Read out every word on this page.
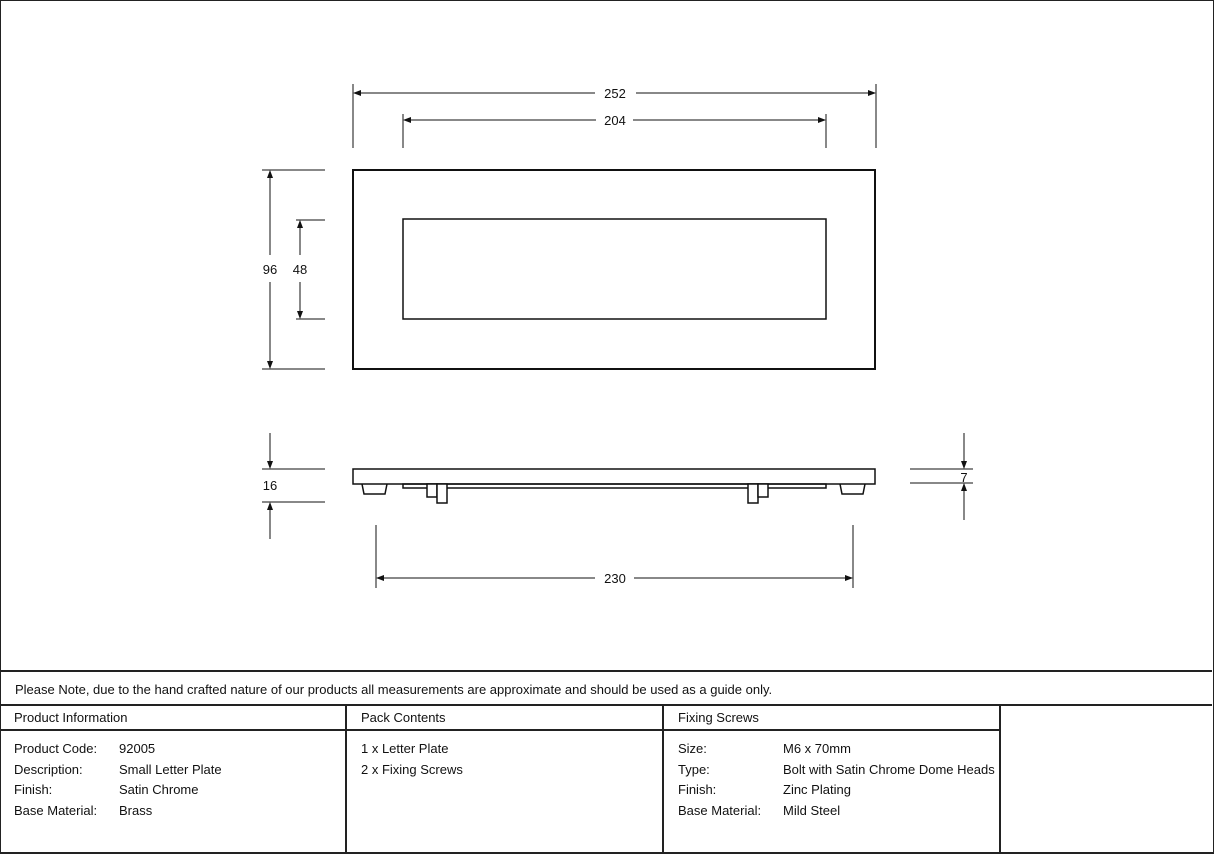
252
204
96 48
16
7
230
Please Note, due to the hand crafted nature of our products all measurements are approximate and should be used as a guide only.
Product Information
Product Code: 92005
Description:	Small Letter Plate
Finish:	Satin Chrome
Base Material: Brass
Pack Contents
1 x Letter Plate
2 x Fixing Screws
Fixing Screws
Size:	M6 x 70mm
Type:	Bolt with Satin Chrome Dome Heads
Finish:	Zinc Plating
Base Material: Mild Steel
